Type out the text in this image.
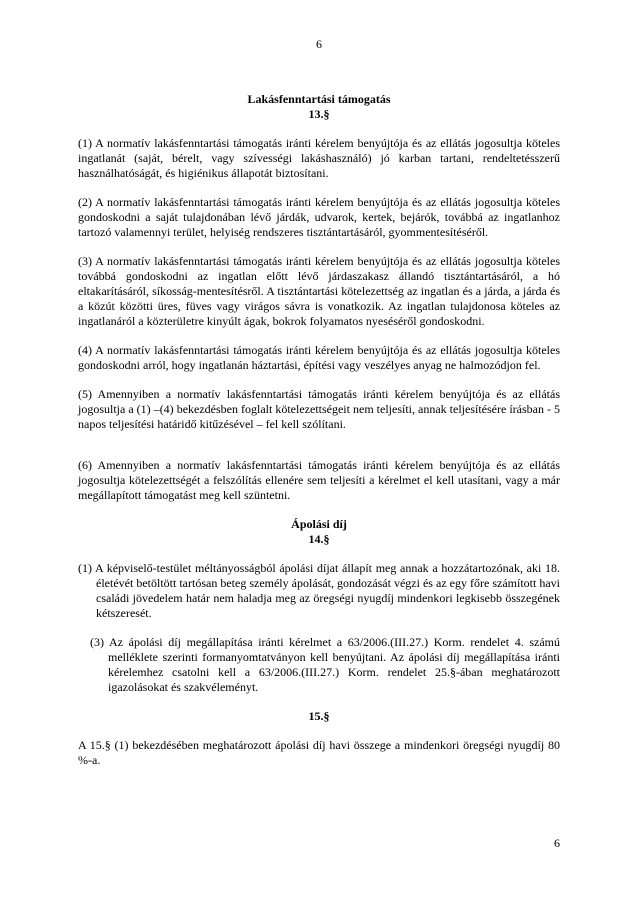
6

Lakásfenntartási támogatás

13.§

(1) A normatív lakásfenntartási támogatás iránti kérelem benyújtója és az ellátás jogosultja köteles ingatlanát (saját, bérelt, vagy szívességi lakáshasználó) jó karban tartani, rendeltetésszerű használhatóságát, és higiénikus állapotát biztosítani.

(2) A normatív lakásfenntartási támogatás iránti kérelem benyújtója és az ellátás jogosultja köteles gondoskodni a saját tulajdonában lévő járdák, udvarok, kertek, bejárók, továbbá az ingatlanhoz tartozó valamennyi terület, helyiség rendszeres tisztántartásáról, gyommentesítéséről.

(3) A normatív lakásfenntartási támogatás iránti kérelem benyújtója és az ellátás jogosultja köteles továbbá gondoskodni az ingatlan előtt lévő járdaszakasz állandó tisztántartásáról, a hó eltakarításáról, síkosság-mentesítésről. A tisztántartási kötelezettség az ingatlan és a járda, a járda és a közút közötti üres, füves vagy virágos sávra is vonatkozik. Az ingatlan tulajdonosa köteles az ingatlanáról a közterületre kinyúlt ágak, bokrok folyamatos nyeséséről gondoskodni.

(4) A normatív lakásfenntartási támogatás iránti kérelem benyújtója és az ellátás jogosultja köteles gondoskodni arról, hogy ingatlanán háztartási, építési vagy veszélyes anyag ne halmozódjon fel.

(5) Amennyiben a normatív lakásfenntartási támogatás iránti kérelem benyújtója és az ellátás jogosultja a (1) –(4) bekezdésben foglalt kötelezettségeit nem teljesíti, annak teljesítésére írásban - 5 napos teljesítési határidő kitűzésével – fel kell szólítani.

(6) Amennyiben a normatív lakásfenntartási támogatás iránti kérelem benyújtója és az ellátás jogosultja kötelezettségét a felszólítás ellenére sem teljesíti a kérelmet el kell utasítani, vagy a már megállapított támogatást meg kell szüntetni.

Ápolási díj

14.§

(1) A képviselő-testület méltányosságból ápolási díjat állapít meg annak a hozzátartozónak, aki 18. életévét betöltött tartósan beteg személy ápolását, gondozását végzi és az egy főre számított havi családi jövedelem határ nem haladja meg az öregségi nyugdíj mindenkori legkisebb összegének kétszeresét.

(3) Az ápolási díj megállapítása iránti kérelmet a 63/2006.(III.27.) Korm. rendelet 4. számú melléklete szerinti formanyomtatványon kell benyújtani. Az ápolási díj megállapítása iránti kérelemhez csatolni kell a 63/2006.(III.27.) Korm. rendelet 25.§-ában meghatározott igazolásokat és szakvéleményt.

15.§

A 15.§ (1) bekezdésében meghatározott ápolási díj havi összege a mindenkori öregségi nyugdíj 80 %-a.

6
